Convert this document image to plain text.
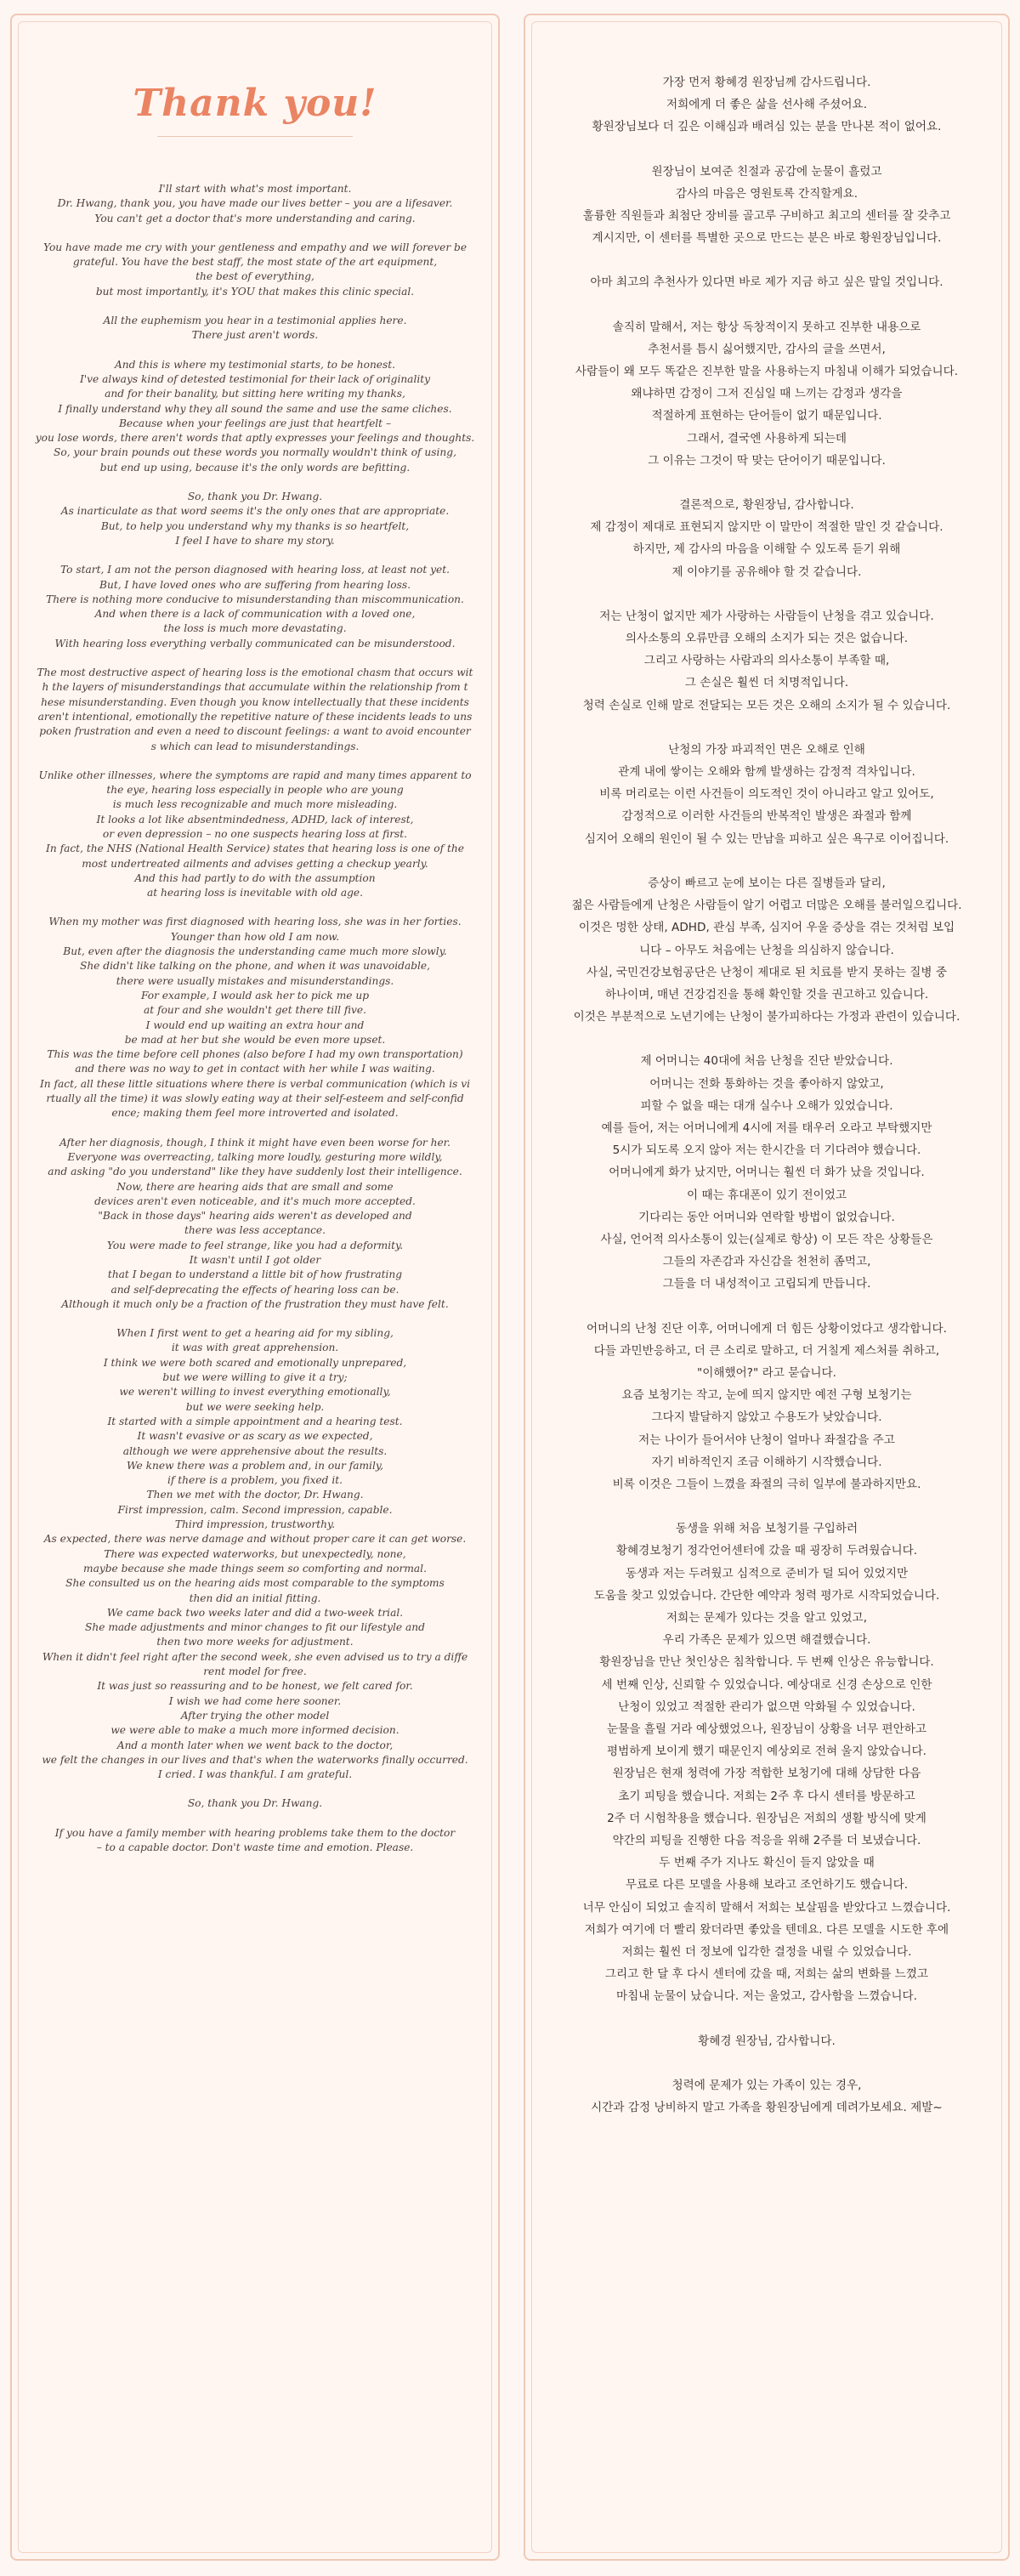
Thank you!

I'll start with what's most important.
Dr. Hwang, thank you, you have made our lives better – you are a lifesaver.
You can't get a doctor that's more understanding and caring.

You have made me cry with your gentleness and empathy and we will forever be
grateful. You have the best staff, the most state of the art equipment,
the best of everything,
but most importantly, it's YOU that makes this clinic special.

All the euphemism you hear in a testimonial applies here.
There just aren't words.

And this is where my testimonial starts, to be honest.
I've always kind of detested testimonial for their lack of originality
and for their banality, but sitting here writing my thanks,
I finally understand why they all sound the same and use the same cliches.
Because when your feelings are just that heartfelt –
you lose words, there aren't words that aptly expresses your feelings and thoughts.
So, your brain pounds out these words you normally wouldn't think of using,
but end up using, because it's the only words are befitting.

So, thank you Dr. Hwang.
As inarticulate as that word seems it's the only ones that are appropriate.
But, to help you understand why my thanks is so heartfelt,
I feel I have to share my story.

To start, I am not the person diagnosed with hearing loss, at least not yet.
But, I have loved ones who are suffering from hearing loss.
There is nothing more conducive to misunderstanding than miscommunication.
And when there is a lack of communication with a loved one,
the loss is much more devastating.
With hearing loss everything verbally communicated can be misunderstood.

The most destructive aspect of hearing loss is the emotional chasm that occurs wit
h the layers of misunderstandings that accumulate within the relationship from t
hese misunderstanding. Even though you know intellectually that these incidents
aren't intentional, emotionally the repetitive nature of these incidents leads to uns
poken frustration and even a need to discount feelings: a want to avoid encounter
s which can lead to misunderstandings.

Unlike other illnesses, where the symptoms are rapid and many times apparent to
the eye, hearing loss especially in people who are young
is much less recognizable and much more misleading.
It looks a lot like absentmindedness, ADHD, lack of interest,
or even depression – no one suspects hearing loss at first.
In fact, the NHS (National Health Service) states that hearing loss is one of the
most undertreated ailments and advises getting a checkup yearly.
And this had partly to do with the assumption
at hearing loss is inevitable with old age.

When my mother was first diagnosed with hearing loss, she was in her forties.
Younger than how old I am now.
But, even after the diagnosis the understanding came much more slowly.
She didn't like talking on the phone, and when it was unavoidable,
there were usually mistakes and misunderstandings.
For example, I would ask her to pick me up
at four and she wouldn't get there till five.
I would end up waiting an extra hour and
be mad at her but she would be even more upset.
This was the time before cell phones (also before I had my own transportation)
and there was no way to get in contact with her while I was waiting.
In fact, all these little situations where there is verbal communication (which is vi
rtually all the time) it was slowly eating way at their self-esteem and self-confid
ence; making them feel more introverted and isolated.

After her diagnosis, though, I think it might have even been worse for her.
Everyone was overreacting, talking more loudly, gesturing more wildly,
and asking "do you understand" like they have suddenly lost their intelligence.
Now, there are hearing aids that are small and some
devices aren't even noticeable, and it's much more accepted.
"Back in those days" hearing aids weren't as developed and
there was less acceptance.
You were made to feel strange, like you had a deformity.
It wasn't until I got older
that I began to understand a little bit of how frustrating
and self-deprecating the effects of hearing loss can be.
Although it much only be a fraction of the frustration they must have felt.

When I first went to get a hearing aid for my sibling,
it was with great apprehension.
I think we were both scared and emotionally unprepared,
but we were willing to give it a try;
we weren't willing to invest everything emotionally,
but we were seeking help.
It started with a simple appointment and a hearing test.
It wasn't evasive or as scary as we expected,
although we were apprehensive about the results.
We knew there was a problem and, in our family,
if there is a problem, you fixed it.
Then we met with the doctor, Dr. Hwang.
First impression, calm. Second impression, capable.
Third impression, trustworthy.
As expected, there was nerve damage and without proper care it can get worse.
There was expected waterworks, but unexpectedly, none,
maybe because she made things seem so comforting and normal.
She consulted us on the hearing aids most comparable to the symptoms
then did an initial fitting.
We came back two weeks later and did a two-week trial.
She made adjustments and minor changes to fit our lifestyle and
then two more weeks for adjustment.
When it didn't feel right after the second week, she even advised us to try a diffe
rent model for free.
It was just so reassuring and to be honest, we felt cared for.
I wish we had come here sooner.
After trying the other model
we were able to make a much more informed decision.
And a month later when we went back to the doctor,
we felt the changes in our lives and that's when the waterworks finally occurred.
I cried. I was thankful. I am grateful.

So, thank you Dr. Hwang.

If you have a family member with hearing problems take them to the doctor
– to a capable doctor. Don't waste time and emotion. Please.

가장 먼저 황혜경 원장님께 감사드립니다.
저희에게 더 좋은 삶을 선사해 주셨어요.
황원장님보다 더 깊은 이해심과 배려심 있는 분을 만나본 적이 없어요.

원장님이 보여준 친절과 공감에 눈물이 흘렀고
감사의 마음은 영원토록 간직할게요.
훌륭한 직원들과 최첨단 장비를 골고루 구비하고 최고의 센터를 잘 갖추고
계시지만, 이 센터를 특별한 곳으로 만드는 분은 바로 황원장님입니다.

아마 최고의 추천사가 있다면 바로 제가 지금 하고 싶은 말일 것입니다.

솔직히 말해서, 저는 항상 독창적이지 못하고 진부한 내용으로
추천서를 틈시 싫어했지만, 감사의 글을 쓰면서,
사람들이 왜 모두 똑같은 진부한 말을 사용하는지 마침내 이해가 되었습니다.
왜냐하면 감정이 그저 진심일 때 느끼는 감정과 생각을
적절하게 표현하는 단어들이 없기 때문입니다.
그래서, 결국엔 사용하게 되는데
그 이유는 그것이 딱 맞는 단어이기 때문입니다.

결론적으로, 황원장님, 감사합니다.
제 감정이 제대로 표현되지 않지만 이 말만이 적절한 말인 것 같습니다.
하지만, 제 감사의 마음을 이해할 수 있도록 듣기 위해
제 이야기를 공유해야 할 것 같습니다.

저는 난청이 없지만 제가 사랑하는 사람들이 난청을 겪고 있습니다.
의사소통의 오류만큼 오해의 소지가 되는 것은 없습니다.
그리고 사랑하는 사람과의 의사소통이 부족할 때,
그 손실은 훨씬 더 치명적입니다.
청력 손실로 인해 말로 전달되는 모든 것은 오해의 소지가 될 수 있습니다.

난청의 가장 파괴적인 면은 오해로 인해
관계 내에 쌓이는 오해와 함께 발생하는 감정적 격차입니다.
비록 머리로는 이런 사건들이 의도적인 것이 아니라고 알고 있어도,
감정적으로 이러한 사건들의 반복적인 발생은 좌절과 함께
심지어 오해의 원인이 될 수 있는 만남을 피하고 싶은 욕구로 이어집니다.

증상이 빠르고 눈에 보이는 다른 질병들과 달리,
젊은 사람들에게 난청은 사람들이 알기 어렵고 더많은 오해를 불러일으킵니다.
이것은 멍한 상태, ADHD, 관심 부족, 심지어 우울 증상을 겪는 것처럼 보입
니다 – 아무도 처음에는 난청을 의심하지 않습니다.
사실, 국민건강보험공단은 난청이 제대로 된 치료를 받지 못하는 질병 중
하나이며, 매년 건강검진을 통해 확인할 것을 권고하고 있습니다.
이것은 부분적으로 노년기에는 난청이 불가피하다는 가정과 관련이 있습니다.

제 어머니는 40대에 처음 난청을 진단 받았습니다.
어머니는 전화 통화하는 것을 좋아하지 않았고,
피할 수 없을 때는 대개 실수나 오해가 있었습니다.
예를 들어, 저는 어머니에게 4시에 저를 태우러 오라고 부탁했지만
5시가 되도록 오지 않아 저는 한시간을 더 기다려야 했습니다.
어머니에게 화가 났지만, 어머니는 훨씬 더 화가 났을 것입니다.
이 때는 휴대폰이 있기 전이었고
기다리는 동안 어머니와 연락할 방법이 없었습니다.
사실, 언어적 의사소통이 있는(실제로 항상) 이 모든 작은 상황들은
그들의 자존감과 자신감을 천천히 좀먹고,
그들을 더 내성적이고 고립되게 만듭니다.

어머니의 난청 진단 이후, 어머니에게 더 힘든 상황이었다고 생각합니다.
다들 과민반응하고, 더 큰 소리로 말하고, 더 거칠게 제스처를 취하고,
"이해했어?" 라고 묻습니다.
요즘 보청기는 작고, 눈에 띄지 않지만 예전 구형 보청기는
그다지 발달하지 않았고 수용도가 낮았습니다.
저는 나이가 들어서야 난청이 얼마나 좌절감을 주고
자기 비하적인지 조금 이해하기 시작했습니다.
비록 이것은 그들이 느꼈을 좌절의 극히 일부에 불과하지만요.

동생을 위해 처음 보청기를 구입하러
황혜경보청기 정각언어센터에 갔을 때 굉장히 두려웠습니다.
동생과 저는 두려웠고 심적으로 준비가 덜 되어 있었지만
도움을 찾고 있었습니다. 간단한 예약과 청력 평가로 시작되었습니다.
저희는 문제가 있다는 것을 알고 있었고,
우리 가족은 문제가 있으면 해결했습니다.
황원장님을 만난 첫인상은 침착합니다. 두 번째 인상은 유능합니다.
세 번째 인상, 신뢰할 수 있었습니다. 예상대로 신경 손상으로 인한
난청이 있었고 적절한 관리가 없으면 악화될 수 있었습니다.
눈물을 흘릴 거라 예상했었으나, 원장님이 상황을 너무 편안하고
평범하게 보이게 했기 때문인지 예상외로 전혀 울지 않았습니다.
원장님은 현재 청력에 가장 적합한 보청기에 대해 상담한 다음
초기 피팅을 했습니다. 저희는 2주 후 다시 센터를 방문하고
2주 더 시험착용을 했습니다. 원장님은 저희의 생활 방식에 맞게
약간의 피팅을 진행한 다음 적응을 위해 2주를 더 보냈습니다.
두 번째 주가 지나도 확신이 들지 않았을 때
무료로 다른 모델을 사용해 보라고 조언하기도 했습니다.
너무 안심이 되었고 솔직히 말해서 저희는 보살핌을 받았다고 느꼈습니다.
저희가 여기에 더 빨리 왔더라면 좋았을 텐데요. 다른 모델을 시도한 후에
저희는 훨씬 더 정보에 입각한 결정을 내릴 수 있었습니다.
그리고 한 달 후 다시 센터에 갔을 때, 저희는 삶의 변화를 느꼈고
마침내 눈물이 났습니다. 저는 울었고, 감사함을 느꼈습니다.

황혜경 원장님, 감사합니다.

청력에 문제가 있는 가족이 있는 경우,
시간과 감정 낭비하지 말고 가족을 황원장님에게 데려가보세요. 제발~
